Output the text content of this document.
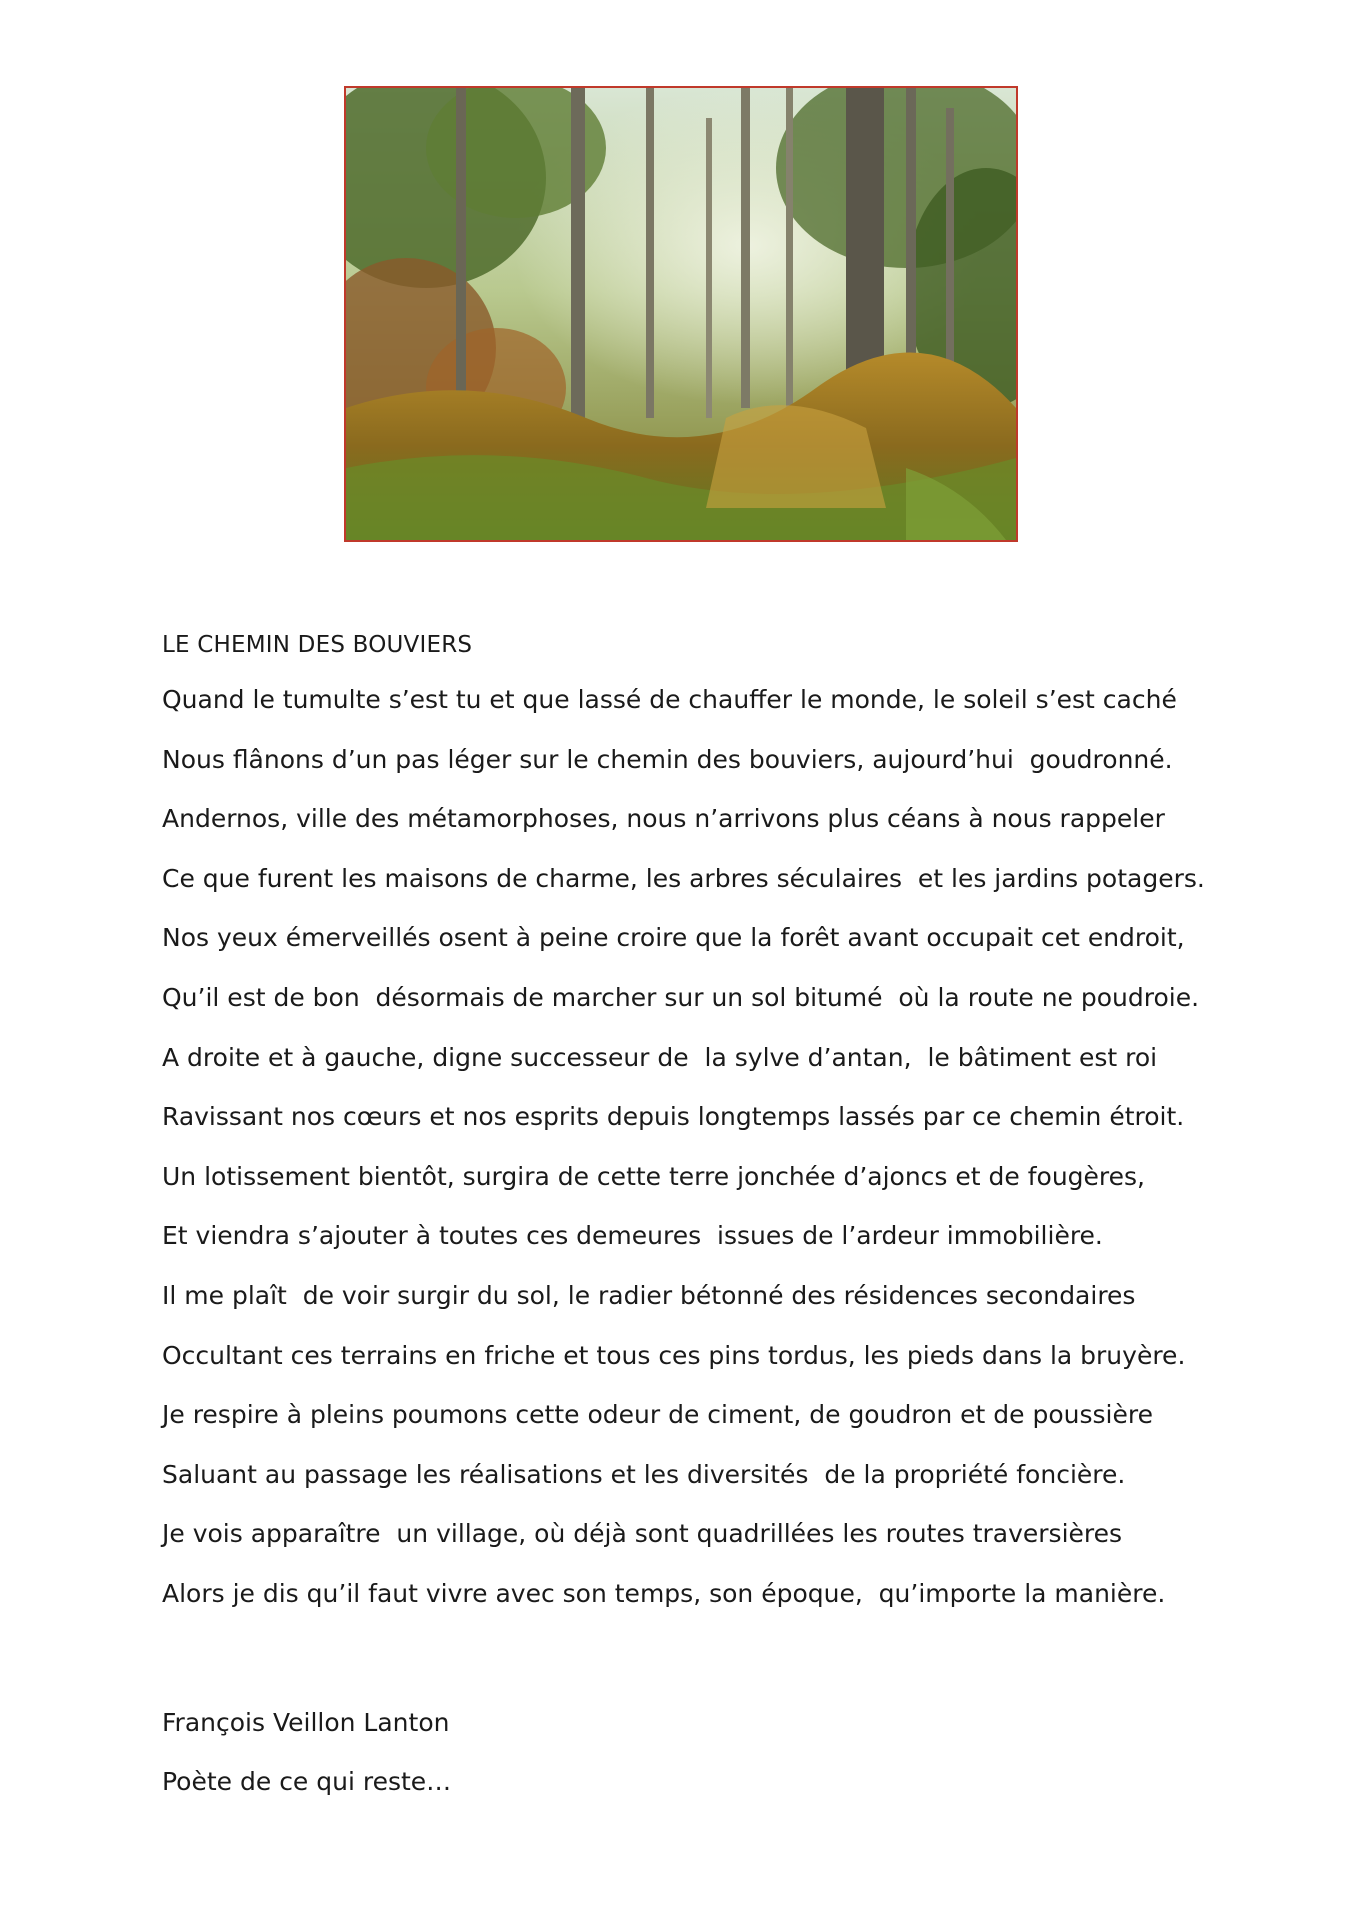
LE CHEMIN DES BOUVIERS
Quand le tumulte s’est tu et que lassé de chauffer le monde, le soleil s’est caché
Nous flânons d’un pas léger sur le chemin des bouviers, aujourd’hui  goudronné.
Andernos, ville des métamorphoses, nous n’arrivons plus céans à nous rappeler
Ce que furent les maisons de charme, les arbres séculaires  et les jardins potagers.
Nos yeux émerveillés osent à peine croire que la forêt avant occupait cet endroit,
Qu’il est de bon  désormais de marcher sur un sol bitumé  où la route ne poudroie.
A droite et à gauche, digne successeur de  la sylve d’antan,  le bâtiment est roi
Ravissant nos cœurs et nos esprits depuis longtemps lassés par ce chemin étroit.
Un lotissement bientôt, surgira de cette terre jonchée d’ajoncs et de fougères,
Et viendra s’ajouter à toutes ces demeures  issues de l’ardeur immobilière.
Il me plaît  de voir surgir du sol, le radier bétonné des résidences secondaires
Occultant ces terrains en friche et tous ces pins tordus, les pieds dans la bruyère.
Je respire à pleins poumons cette odeur de ciment, de goudron et de poussière
Saluant au passage les réalisations et les diversités  de la propriété foncière.
Je vois apparaître  un village, où déjà sont quadrillées les routes traversières
Alors je dis qu’il faut vivre avec son temps, son époque,  qu’importe la manière.
François Veillon Lanton
Poète de ce qui reste…
